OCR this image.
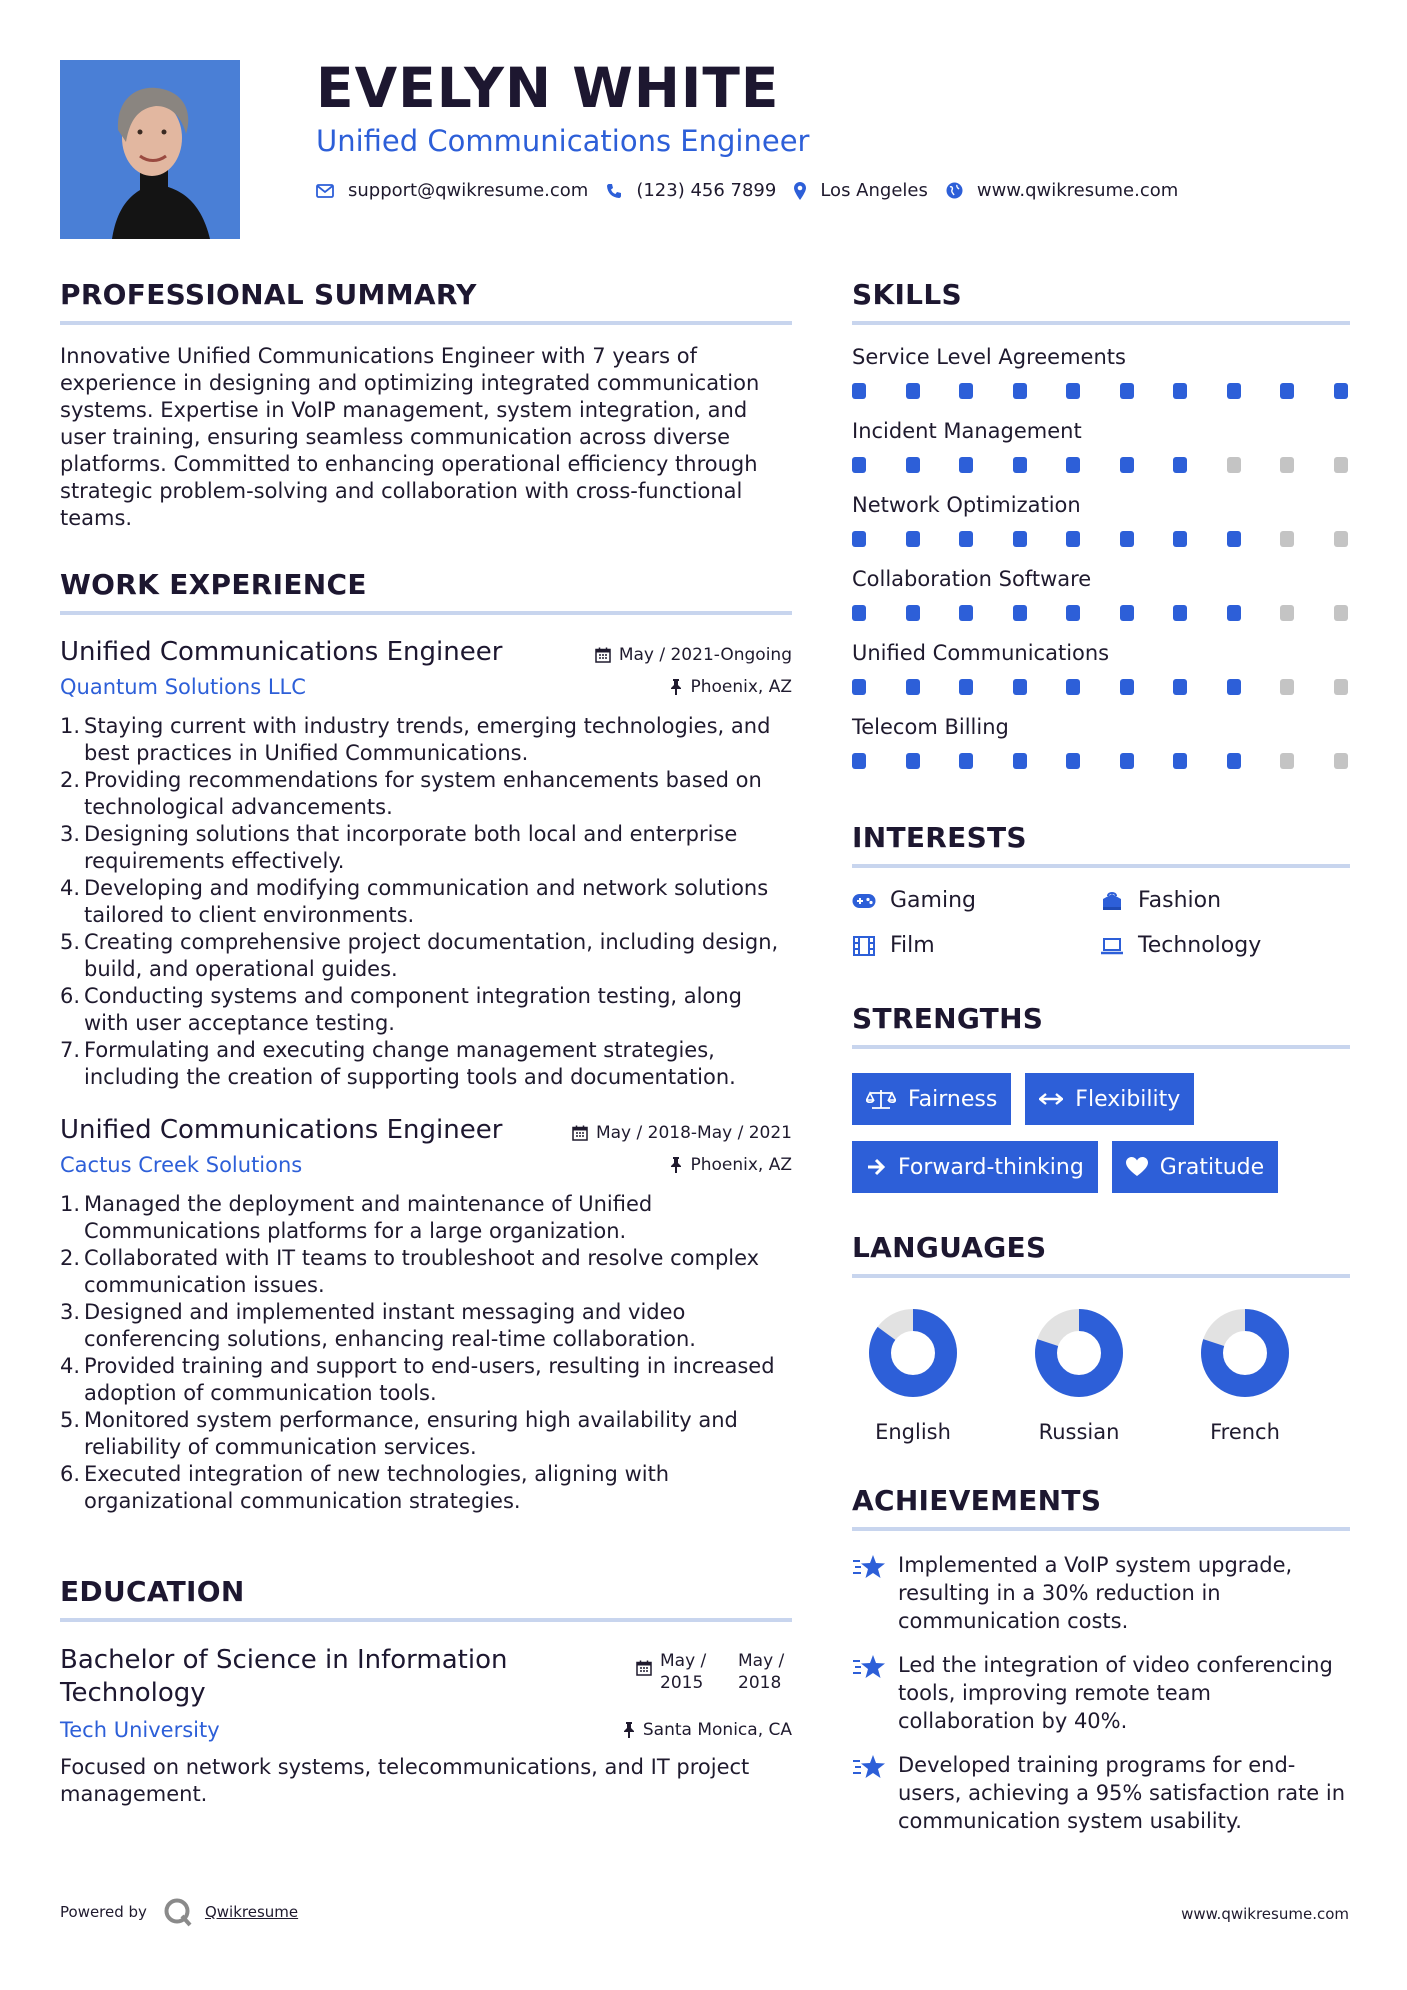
EVELYN WHITE
Unified Communications Engineer
support@qwikresume.com	(123) 456 7899 Los Angeles	www.qwikresume.com
PROFESSIONAL SUMMARY

Innovative Unified Communications Engineer with 7 years of experience in designing and optimizing integrated communication systems. Expertise in VoIP management, system integration, and user training, ensuring seamless communication across diverse platforms. Committed to enhancing operational efficiency through strategic problem-solving and collaboration with cross-functional teams.

WORK EXPERIENCE
Unified Communications Engineer	May / 2021-Ongoing
Quantum Solutions LLC	Phoenix, AZ
1. Staying current with industry trends, emerging technologies, and best practices in Unified Communications.
2. Providing recommendations for system enhancements based on technological advancements.
3. Designing solutions that incorporate both local and enterprise requirements effectively.
4. Developing and modifying communication and network solutions tailored to client environments.
5. Creating comprehensive project documentation, including design, build, and operational guides.
6. Conducting systems and component integration testing, along with user acceptance testing.
7. Formulating and executing change management strategies, including the creation of supporting tools and documentation.
Unified Communications Engineer	May / 2018-May / 2021
Cactus Creek Solutions	Phoenix, AZ
1. Managed the deployment and maintenance of Unified Communications platforms for a large organization.
2. Collaborated with IT teams to troubleshoot and resolve complex communication issues.
3. Designed and implemented instant messaging and video conferencing solutions, enhancing real-time collaboration.
4. Provided training and support to end-users, resulting in increased adoption of communication tools.
5. Monitored system performance, ensuring high availability and reliability of communication services.
6. Executed integration of new technologies, aligning with organizational communication strategies.
EDUCATION
Bachelor of Science in Information Technology
May / 2015
May / 2018
Tech University	Santa Monica, CA

Focused on network systems, telecommunications, and IT project management.

SKILLS
Service Level Agreements
Incident Management
Network Optimization
Collaboration Software
Unified Communications
Telecom Billing
INTERESTS
Gaming	Fashion
Film	Technology
STRENGTHS
Fairness	Flexibility
Forward-thinking	Gratitude
LANGUAGES
English	Russian	French
ACHIEVEMENTS
Implemented a VoIP system upgrade, resulting in a 30% reduction in communication costs.
Led the integration of video conferencing tools, improving remote team collaboration by 40%.
Developed training programs for end-users, achieving a 95% satisfaction rate in communication system usability.
Powered by	Qwikresume	www.qwikresume.com
